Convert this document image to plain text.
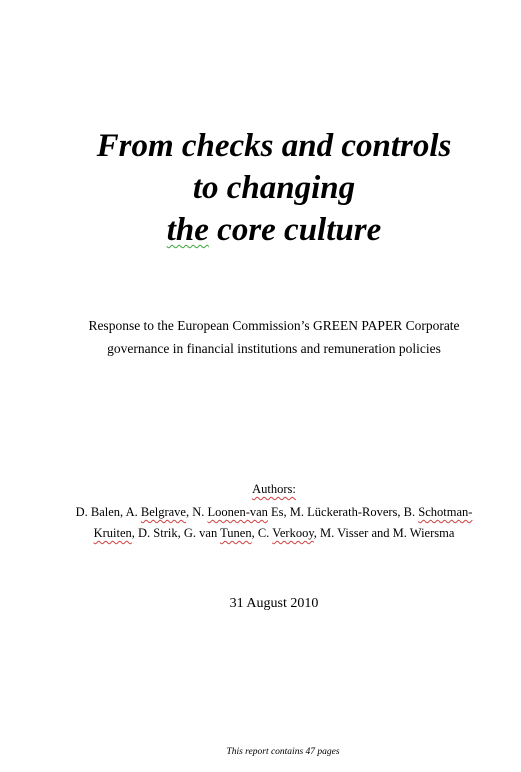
From checks and controls
to changing
the core culture
Response to the European Commission’s GREEN PAPER Corporate
governance in financial institutions and remuneration policies
Authors:
D. Balen, A. Belgrave, N. Loonen-van Es, M. Lückerath-Rovers, B. Schotman-
Kruiten, D. Strik, G. van Tunen, C. Verkooy, M. Visser and M. Wiersma
31 August 2010
This report contains 47 pages
